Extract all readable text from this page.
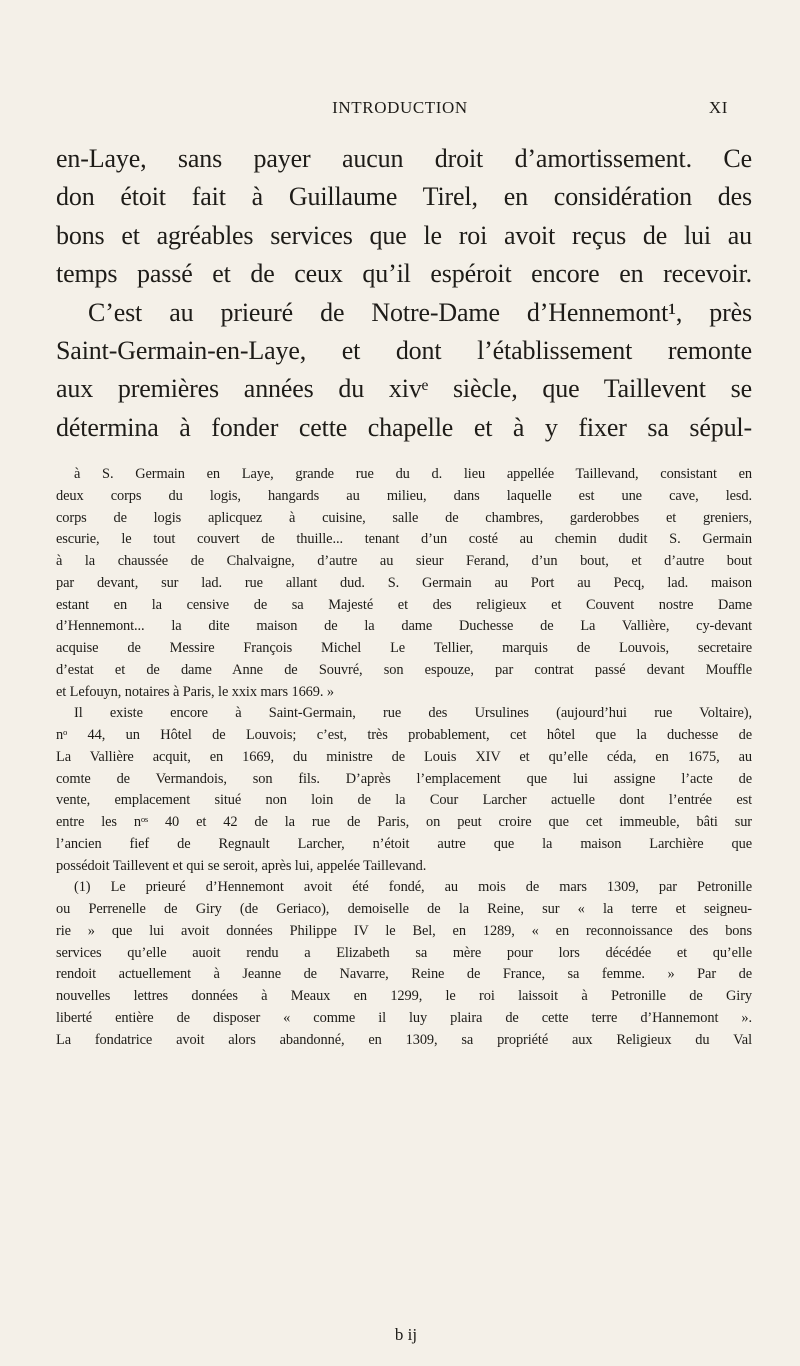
INTRODUCTION	XI
en-Laye, sans payer aucun droit d’amortissement. Ce
don étoit fait à Guillaume Tirel, en considération des
bons et agréables services que le roi avoit reçus de lui au
temps passé et de ceux qu’il espéroit encore en recevoir.
C’est au prieuré de Notre-Dame d’Hennemont¹, près
Saint-Germain-en-Laye, et dont l’établissement remonte
aux premières années du xivᵉ siècle, que Taillevent se
détermina à fonder cette chapelle et à y fixer sa sépul-
à S. Germain en Laye, grande rue du d. lieu appellée Taillevand, consistant en
deux corps du logis, hangards au milieu, dans laquelle est une cave, lesd.
corps de logis aplicquez à cuisine, salle de chambres, garderobbes et greniers,
escurie, le tout couvert de thuille... tenant d’un costé au chemin dudit S. Germain
à la chaussée de Chalvaigne, d’autre au sieur Ferand, d’un bout, et d’autre bout
par devant, sur lad. rue allant dud. S. Germain au Port au Pecq, lad. maison
estant en la censive de sa Majesté et des religieux et Couvent nostre Dame
d’Hennemont... la dite maison de la dame Duchesse de La Vallière, cy-devant
acquise de Messire François Michel Le Tellier, marquis de Louvois, secretaire
d’estat et de dame Anne de Souvré, son espouze, par contrat passé devant Mouffle
et Lefouyn, notaires à Paris, le xxix mars 1669. »
Il existe encore à Saint-Germain, rue des Ursulines (aujourd’hui rue Voltaire),
nᵒ 44, un Hôtel de Louvois; c’est, très probablement, cet hôtel que la duchesse de
La Vallière acquit, en 1669, du ministre de Louis XIV et qu’elle céda, en 1675, au
comte de Vermandois, son fils. D’après l’emplacement que lui assigne l’acte de
vente, emplacement situé non loin de la Cour Larcher actuelle dont l’entrée est
entre les nᵒˢ 40 et 42 de la rue de Paris, on peut croire que cet immeuble, bâti sur
l’ancien fief de Regnault Larcher, n’étoit autre que la maison Larchière que
possédoit Taillevent et qui se seroit, après lui, appelée Taillevand.
(1) Le prieuré d’Hennemont avoit été fondé, au mois de mars 1309, par Petronille
ou Perrenelle de Giry (de Geriaco), demoiselle de la Reine, sur « la terre et seigneu-
rie » que lui avoit données Philippe IV le Bel, en 1289, « en reconnoissance des bons
services qu’elle auoit rendu a Elizabeth sa mère pour lors décédée et qu’elle
rendoit actuellement à Jeanne de Navarre, Reine de France, sa femme. » Par de
nouvelles lettres données à Meaux en 1299, le roi laissoit à Petronille de Giry
liberté entière de disposer « comme il luy plaira de cette terre d’Hannemont ».
La fondatrice avoit alors abandonné, en 1309, sa propriété aux Religieux du Val
b ij
